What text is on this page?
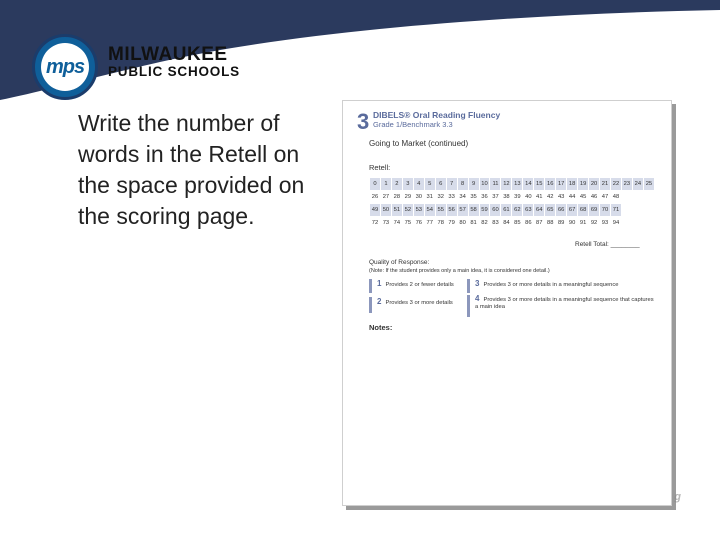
mps
MILWAUKEE
PUBLIC SCHOOLS
Write the number of words in the Retell on the space provided on the scoring page.
3 DIBELS® Oral Reading Fluency
Grade 1/Benchmark 3.3
Going to Market (continued)
Retell:
0	1	2	3	4	5	6	7	8	9	10	11	12	13	14	15	16	17	18	19	20	21	22	23	24	25
26	27	28	29	30	31	32	33	34	35	36	37	38	39	40	41	42	43	44	45	46	47	48			
49	50	51	52	53	54	55	56	57	58	59	60	61	62	63	64	65	66	67	68	69	70	71			
72	73	74	75	76	77	78	79	80	81	82	83	84	85	86	87	88	89	90	91	92	93	94			
Retell Total: ________
Quality of Response:
(Note: If the student provides only a main idea, it is considered one detail.)
1 Provides 2 or fewer details
2 Provides 3 or more details
3 Provides 3 or more details in a meaningful sequence
4 Provides 3 or more details in a meaningful sequence that captures a main idea
Notes:
g
